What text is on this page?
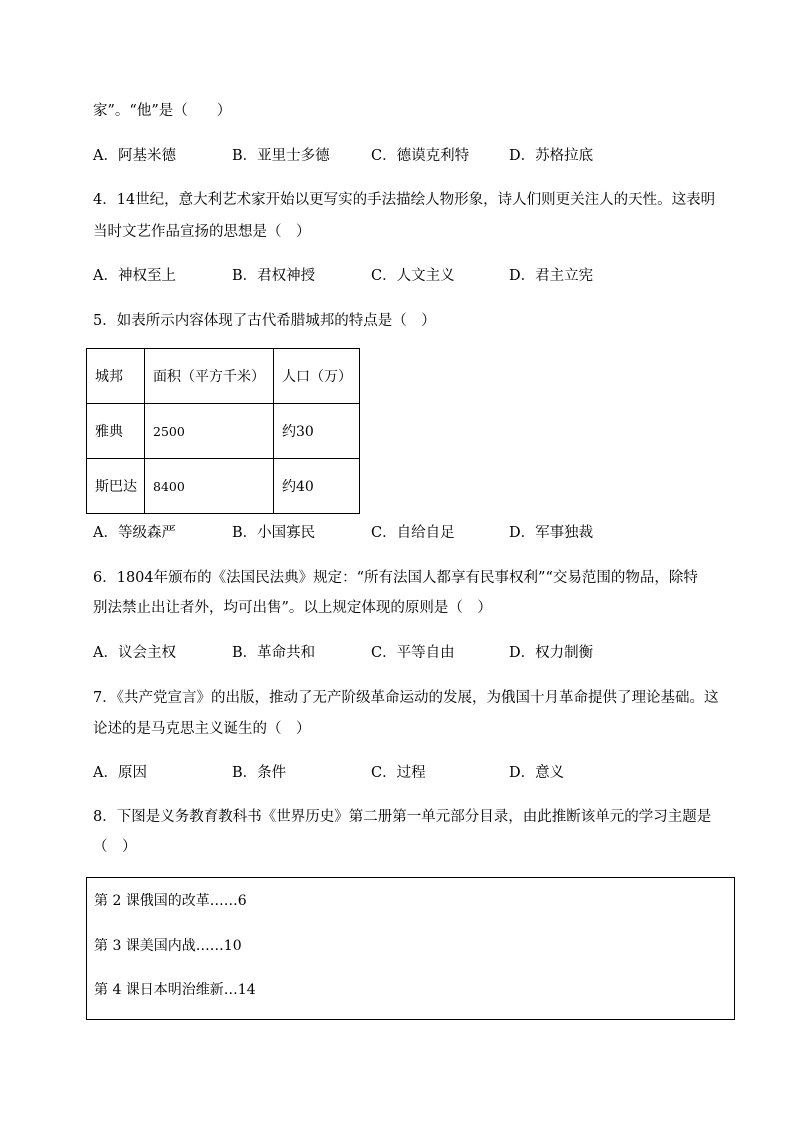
家”。“他”是（　　）
A．阿基米德	B．亚里士多德	C．德谟克利特	D．苏格拉底
4．14世纪，意大利艺术家开始以更写实的手法描绘人物形象，诗人们则更关注人的天性。这表明
当时文艺作品宣扬的思想是（　）
A．神权至上	B．君权神授	C．人文主义	D．君主立宪
5．如表所示内容体现了古代希腊城邦的特点是（　）
城邦	面积（平方千米）	人口（万）
雅典	2500	约30
斯巴达	8400	约40
A．等级森严	B．小国寡民	C．自给自足	D．军事独裁
6．1804年颁布的《法国民法典》规定：“所有法国人都享有民事权利”“交易范围的物品，除特
别法禁止出让者外，均可出售”。以上规定体现的原则是（　）
A．议会主权	B．革命共和	C．平等自由	D．权力制衡
7．《共产党宣言》的出版，推动了无产阶级革命运动的发展，为俄国十月革命提供了理论基础。这
论述的是马克思主义诞生的（　）
A．原因	B．条件	C．过程	D．意义
8．下图是义务教育教科书《世界历史》第二册第一单元部分目录，由此推断该单元的学习主题是
（　）
第 2 课俄国的改革……6
第 3 课美国内战……10
第 4 课日本明治维新…14
